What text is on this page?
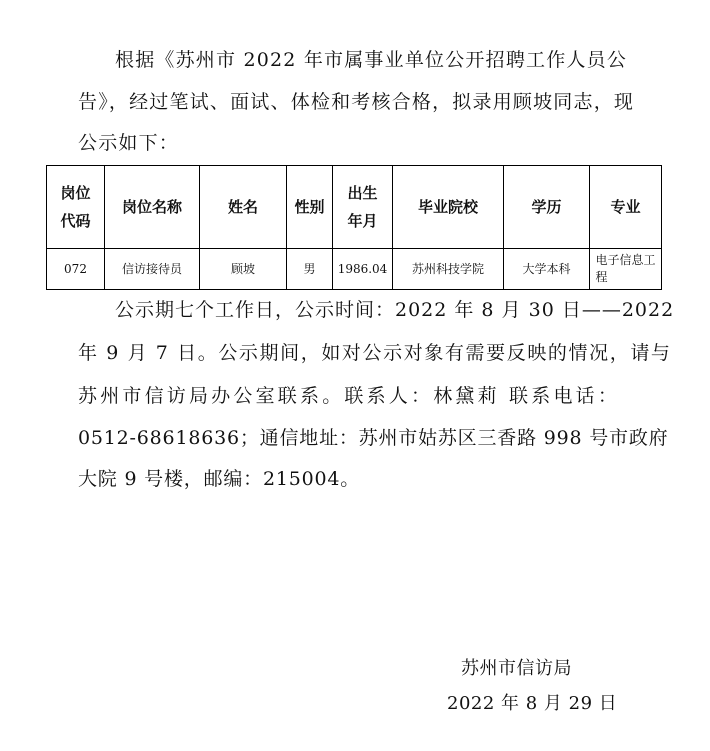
根据《苏州市 2022 年市属事业单位公开招聘工作人员公
告》，经过笔试、面试、体检和考核合格，拟录用顾坡同志，现
公示如下：
岗位代码	岗位名称	姓名	性别	出生年月	毕业院校	学历	专业
072	信访接待员	顾坡	男	1986.04	苏州科技学院	大学本科	电子信息工程
公示期七个工作日，公示时间：2022 年 8 月 30 日——2022
年 9 月 7 日。公示期间，如对公示对象有需要反映的情况，请与
苏州市信访局办公室联系。联系人：林黛莉 联系电话：
0512-68618636；通信地址：苏州市姑苏区三香路 998 号市政府
大院 9 号楼，邮编：215004。
苏州市信访局
2022 年 8 月 29 日
